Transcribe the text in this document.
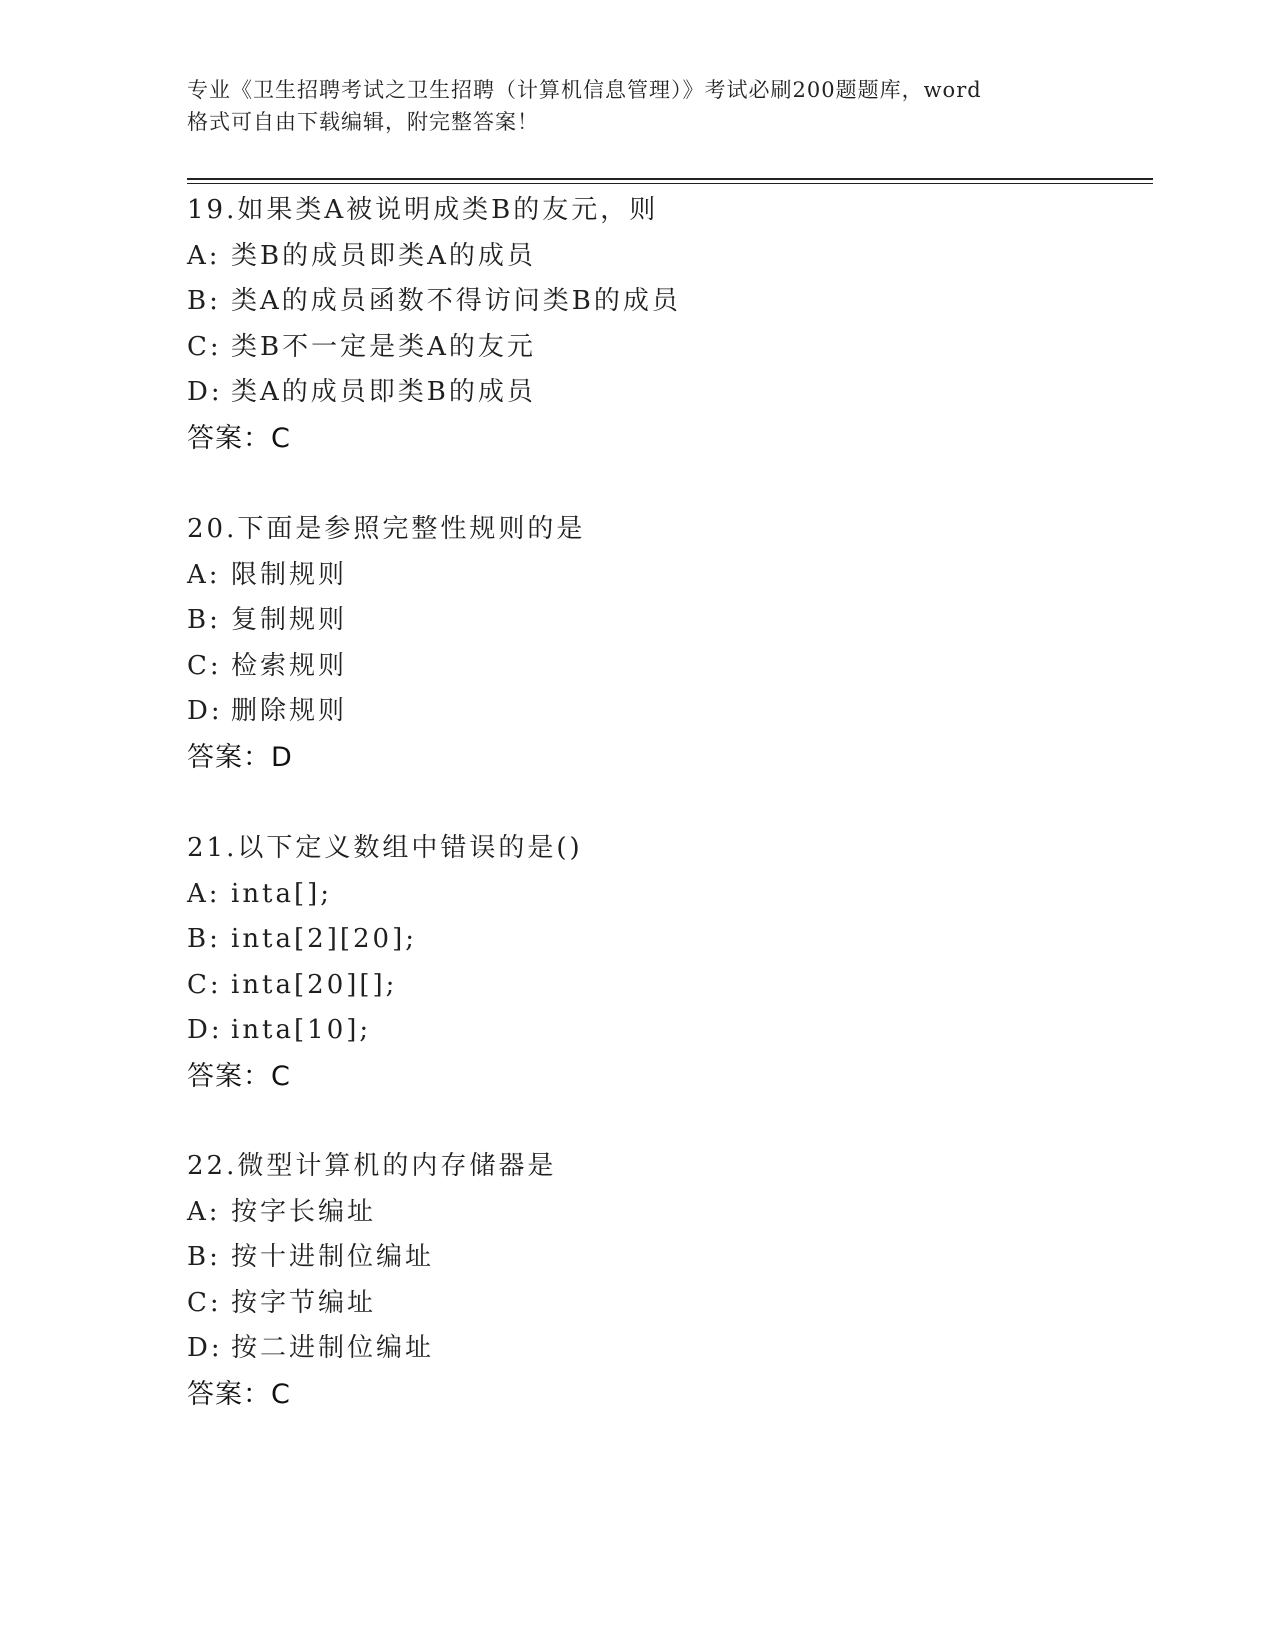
专业《卫生招聘考试之卫生招聘（计算机信息管理）》考试必刷200题题库，word
格式可自由下载编辑，附完整答案！
19.如果类A被说明成类B的友元，则
A: 类B的成员即类A的成员
B: 类A的成员函数不得访问类B的成员
C: 类B不一定是类A的友元
D: 类A的成员即类B的成员
答案：C
20.下面是参照完整性规则的是
A: 限制规则
B: 复制规则
C: 检索规则
D: 删除规则
答案：D
21.以下定义数组中错误的是()
A: inta[];
B: inta[2][20];
C: inta[20][];
D: inta[10];
答案：C
22.微型计算机的内存储器是
A: 按字长编址
B: 按十进制位编址
C: 按字节编址
D: 按二进制位编址
答案：C
